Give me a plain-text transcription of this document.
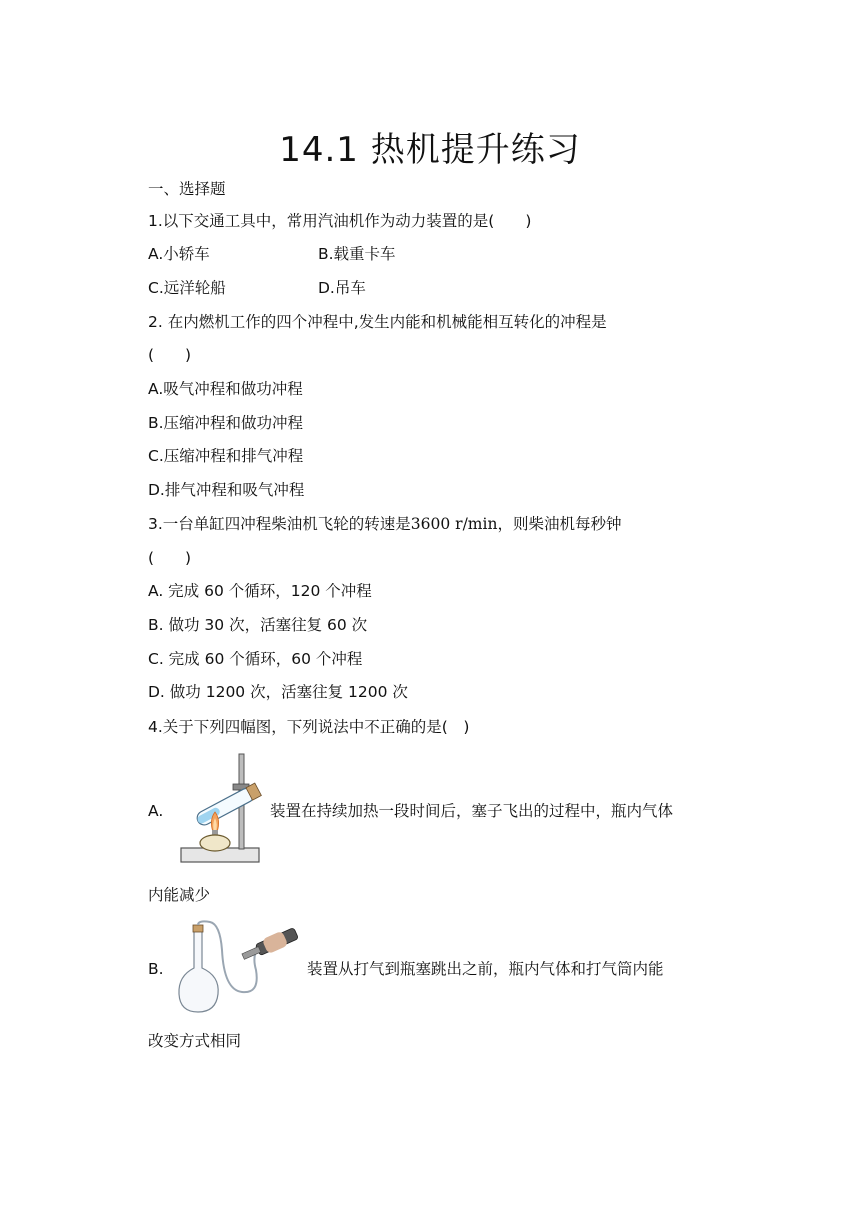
14.1 热机提升练习
一、选择题
1.以下交通工具中，常用汽油机作为动力装置的是(　　)
A.小轿车	B.载重卡车
C.远洋轮船	D.吊车
2. 在内燃机工作的四个冲程中,发生内能和机械能相互转化的冲程是
(　　)
A.吸气冲程和做功冲程
B.压缩冲程和做功冲程
C.压缩冲程和排气冲程
D.排气冲程和吸气冲程
3.一台单缸四冲程柴油机飞轮的转速是3600 r/min，则柴油机每秒钟
(　　)
A. 完成 60 个循环，120 个冲程
B. 做功 30 次，活塞往复 60 次
C. 完成 60 个循环，60 个冲程
D. 做功 1200 次，活塞往复 1200 次
4.关于下列四幅图，下列说法中不正确的是(　)
A.	装置在持续加热一段时间后，塞子飞出的过程中，瓶内气体
内能减少
B.	装置从打气到瓶塞跳出之前，瓶内气体和打气筒内能
改变方式相同
